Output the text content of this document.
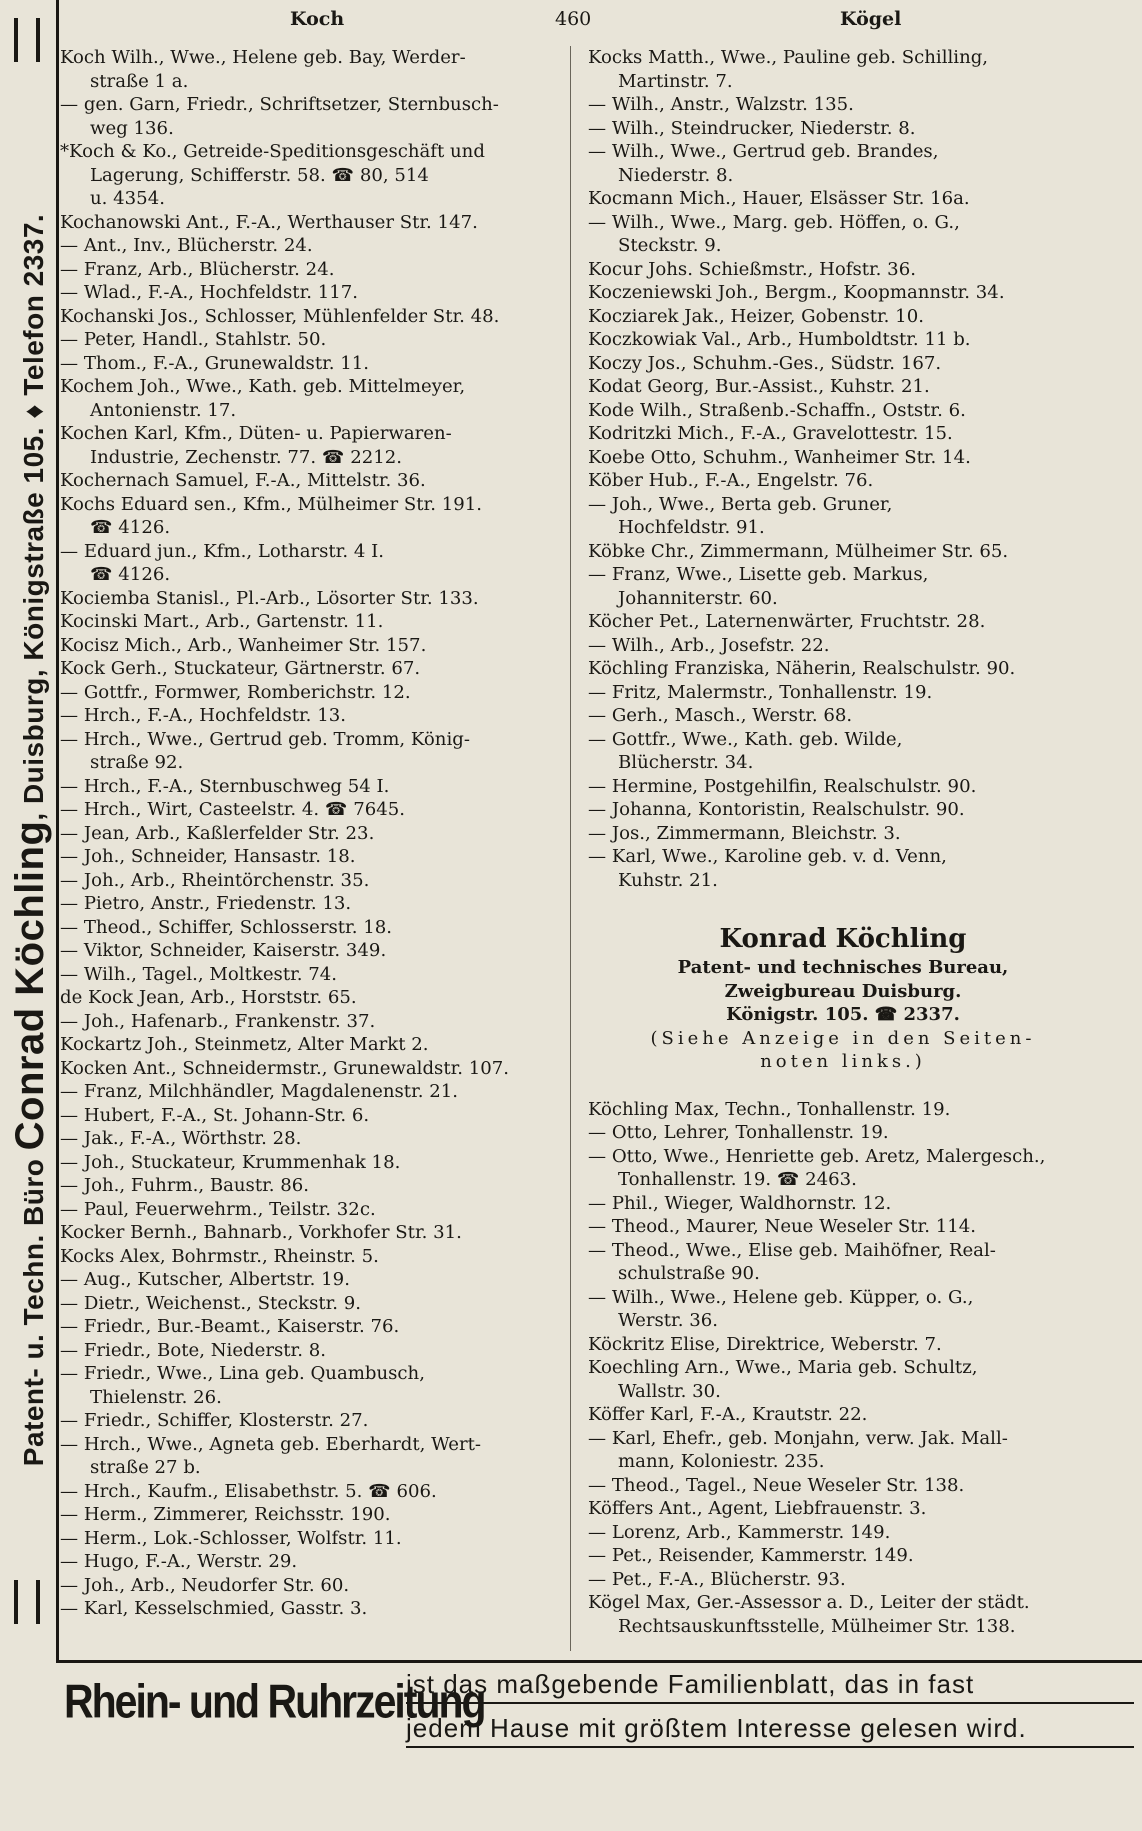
Patent- u. Techn. Büro Conrad Köchling, Duisburg, Königstraße 105. ♦ Telefon 2337.
Koch	460	Kögel

Koch Wilh., Wwe., Helene geb. Bay, Werder-
straße 1 a.

— gen. Garn, Friedr., Schriftsetzer, Sternbusch-
weg 136.

*Koch & Ko., Getreide-Speditionsgeschäft und
Lagerung, Schifferstr. 58. ☎ 80, 514
u. 4354.

Kochanowski Ant., F.-A., Werthauser Str. 147.

— Ant., Inv., Blücherstr. 24.

— Franz, Arb., Blücherstr. 24.

— Wlad., F.-A., Hochfeldstr. 117.

Kochanski Jos., Schlosser, Mühlenfelder Str. 48.

— Peter, Handl., Stahlstr. 50.

— Thom., F.-A., Grunewaldstr. 11.

Kochem Joh., Wwe., Kath. geb. Mittelmeyer,
Antonienstr. 17.

Kochen Karl, Kfm., Düten- u. Papierwaren-
Industrie, Zechenstr. 77. ☎ 2212.

Kochernach Samuel, F.-A., Mittelstr. 36.

Kochs Eduard sen., Kfm., Mülheimer Str. 191.
☎ 4126.

— Eduard jun., Kfm., Lotharstr. 4 I.
☎ 4126.

Kociemba Stanisl., Pl.-Arb., Lösorter Str. 133.

Kocinski Mart., Arb., Gartenstr. 11.

Kocisz Mich., Arb., Wanheimer Str. 157.

Kock Gerh., Stuckateur, Gärtnerstr. 67.

— Gottfr., Formwer, Romberichstr. 12.

— Hrch., F.-A., Hochfeldstr. 13.

— Hrch., Wwe., Gertrud geb. Tromm, König-
straße 92.

— Hrch., F.-A., Sternbuschweg 54 I.

— Hrch., Wirt, Casteelstr. 4. ☎ 7645.

— Jean, Arb., Kaßlerfelder Str. 23.

— Joh., Schneider, Hansastr. 18.

— Joh., Arb., Rheintörchenstr. 35.

— Pietro, Anstr., Friedenstr. 13.

— Theod., Schiffer, Schlosserstr. 18.

— Viktor, Schneider, Kaiserstr. 349.

— Wilh., Tagel., Moltkestr. 74.

de Kock Jean, Arb., Horststr. 65.

— Joh., Hafenarb., Frankenstr. 37.

Kockartz Joh., Steinmetz, Alter Markt 2.

Kocken Ant., Schneidermstr., Grunewaldstr. 107.

— Franz, Milchhändler, Magdalenenstr. 21.

— Hubert, F.-A., St. Johann-Str. 6.

— Jak., F.-A., Wörthstr. 28.

— Joh., Stuckateur, Krummenhak 18.

— Joh., Fuhrm., Baustr. 86.

— Paul, Feuerwehrm., Teilstr. 32c.

Kocker Bernh., Bahnarb., Vorkhofer Str. 31.

Kocks Alex, Bohrmstr., Rheinstr. 5.

— Aug., Kutscher, Albertstr. 19.

— Dietr., Weichenst., Steckstr. 9.

— Friedr., Bur.-Beamt., Kaiserstr. 76.

— Friedr., Bote, Niederstr. 8.

— Friedr., Wwe., Lina geb. Quambusch,
Thielenstr. 26.

— Friedr., Schiffer, Klosterstr. 27.

— Hrch., Wwe., Agneta geb. Eberhardt, Wert-
straße 27 b.

— Hrch., Kaufm., Elisabethstr. 5. ☎ 606.

— Herm., Zimmerer, Reichsstr. 190.

— Herm., Lok.-Schlosser, Wolfstr. 11.

— Hugo, F.-A., Werstr. 29.

— Joh., Arb., Neudorfer Str. 60.

— Karl, Kesselschmied, Gasstr. 3.

Kocks Matth., Wwe., Pauline geb. Schilling,
Martinstr. 7.

— Wilh., Anstr., Walzstr. 135.

— Wilh., Steindrucker, Niederstr. 8.

— Wilh., Wwe., Gertrud geb. Brandes,
Niederstr. 8.

Kocmann Mich., Hauer, Elsässer Str. 16a.

— Wilh., Wwe., Marg. geb. Höffen, o. G.,
Steckstr. 9.

Kocur Johs. Schießmstr., Hofstr. 36.

Koczeniewski Joh., Bergm., Koopmannstr. 34.

Kocziarek Jak., Heizer, Gobenstr. 10.

Koczkowiak Val., Arb., Humboldtstr. 11 b.

Koczy Jos., Schuhm.-Ges., Südstr. 167.

Kodat Georg, Bur.-Assist., Kuhstr. 21.

Kode Wilh., Straßenb.-Schaffn., Oststr. 6.

Kodritzki Mich., F.-A., Gravelottestr. 15.

Koebe Otto, Schuhm., Wanheimer Str. 14.

Köber Hub., F.-A., Engelstr. 76.

— Joh., Wwe., Berta geb. Gruner,
Hochfeldstr. 91.

Köbke Chr., Zimmermann, Mülheimer Str. 65.

— Franz, Wwe., Lisette geb. Markus,
Johanniterstr. 60.

Köcher Pet., Laternenwärter, Fruchtstr. 28.

— Wilh., Arb., Josefstr. 22.

Köchling Franziska, Näherin, Realschulstr. 90.

— Fritz, Malermstr., Tonhallenstr. 19.

— Gerh., Masch., Werstr. 68.

— Gottfr., Wwe., Kath. geb. Wilde,
Blücherstr. 34.

— Hermine, Postgehilfin, Realschulstr. 90.

— Johanna, Kontoristin, Realschulstr. 90.

— Jos., Zimmermann, Bleichstr. 3.

— Karl, Wwe., Karoline geb. v. d. Venn,
Kuhstr. 21.

Konrad Köchling

Patent- und technisches Bureau,
Zweigbureau Duisburg.
Königstr. 105. ☎ 2337.
(Siehe Anzeige in den Seiten-
noten links.)

Köchling Max, Techn., Tonhallenstr. 19.

— Otto, Lehrer, Tonhallenstr. 19.

— Otto, Wwe., Henriette geb. Aretz, Malergesch.,
Tonhallenstr. 19. ☎ 2463.

— Phil., Wieger, Waldhornstr. 12.

— Theod., Maurer, Neue Weseler Str. 114.

— Theod., Wwe., Elise geb. Maihöfner, Real-
schulstraße 90.

— Wilh., Wwe., Helene geb. Küpper, o. G.,
Werstr. 36.

Köckritz Elise, Direktrice, Weberstr. 7.

Koechling Arn., Wwe., Maria geb. Schultz,
Wallstr. 30.

Köffer Karl, F.-A., Krautstr. 22.

— Karl, Ehefr., geb. Monjahn, verw. Jak. Mall-
mann, Koloniestr. 235.

— Theod., Tagel., Neue Weseler Str. 138.

Köffers Ant., Agent, Liebfrauenstr. 3.

— Lorenz, Arb., Kammerstr. 149.

— Pet., Reisender, Kammerstr. 149.

— Pet., F.-A., Blücherstr. 93.

Kögel Max, Ger.-Assessor a. D., Leiter der städt.
Rechtsauskunftsstelle, Mülheimer Str. 138.

Rhein- und Ruhrzeitung
ist das maßgebende Familienblatt, das in fast
jedem Hause mit größtem Interesse gelesen wird.
